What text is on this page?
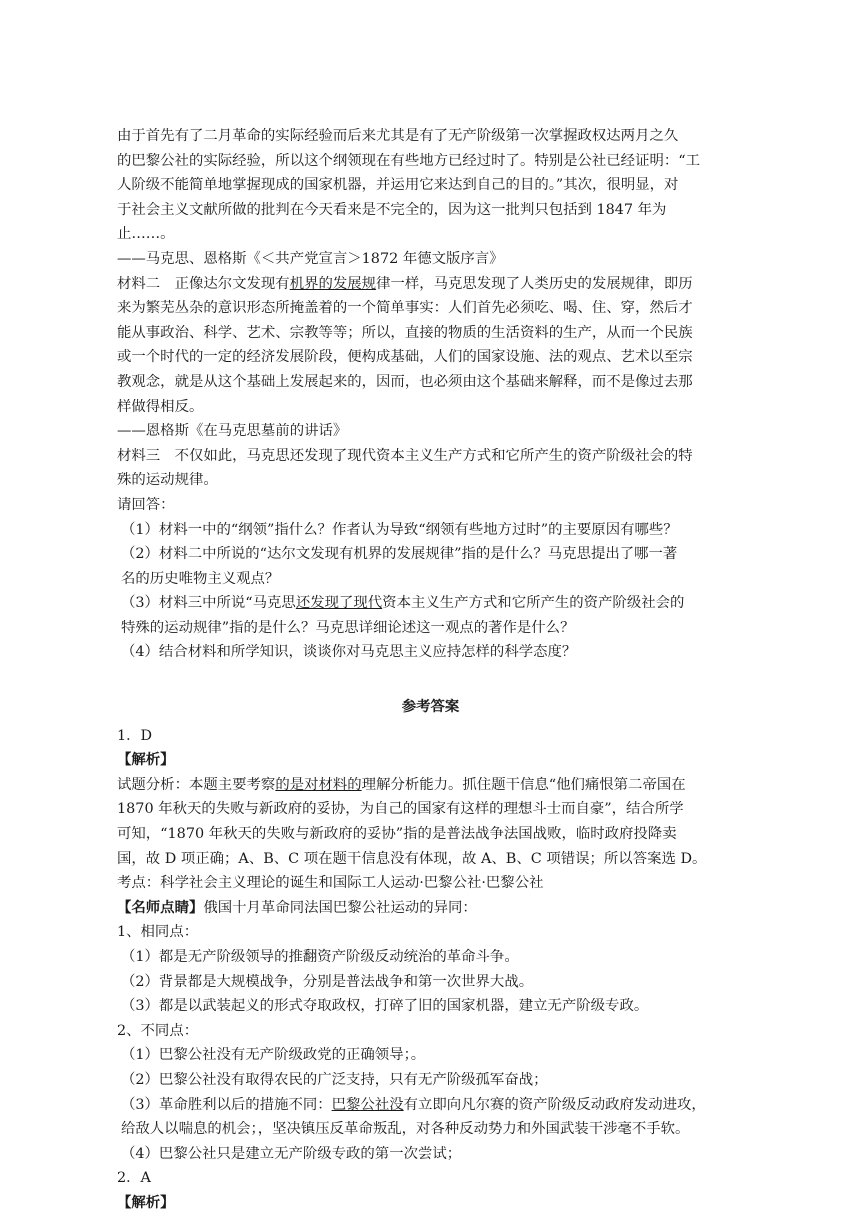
由于首先有了二月革命的实际经验而后来尤其是有了无产阶级第一次掌握政权达两月之久
的巴黎公社的实际经验，所以这个纲领现在有些地方已经过时了。特别是公社已经证明：“工
人阶级不能简单地掌握现成的国家机器，并运用它来达到自己的目的。”其次，很明显，对
于社会主义文献所做的批判在今天看来是不完全的，因为这一批判只包括到 1847 年为
止……。
——马克思、恩格斯《＜共产党宣言＞1872 年德文版序言》
材料二　正像达尔文发现有机界的发展规律一样，马克思发现了人类历史的发展规律，即历
来为繁芜丛杂的意识形态所掩盖着的一个简单事实：人们首先必须吃、喝、住、穿，然后才
能从事政治、科学、艺术、宗教等等；所以，直接的物质的生活资料的生产，从而一个民族
或一个时代的一定的经济发展阶段，便构成基础，人们的国家设施、法的观点、艺术以至宗
教观念，就是从这个基础上发展起来的，因而，也必须由这个基础来解释，而不是像过去那
样做得相反。
——恩格斯《在马克思墓前的讲话》
材料三　不仅如此，马克思还发现了现代资本主义生产方式和它所产生的资产阶级社会的特
殊的运动规律。
请回答：
（1）材料一中的“纲领”指什么？作者认为导致“纲领有些地方过时”的主要原因有哪些？
（2）材料二中所说的“达尔文发现有机界的发展规律”指的是什么？马克思提出了哪一著
名的历史唯物主义观点？
（3）材料三中所说“马克思还发现了现代资本主义生产方式和它所产生的资产阶级社会的
特殊的运动规律”指的是什么？马克思详细论述这一观点的著作是什么？
（4）结合材料和所学知识，谈谈你对马克思主义应持怎样的科学态度？
参考答案
1．D
【解析】
试题分析：本题主要考察的是对材料的理解分析能力。抓住题干信息“他们痛恨第二帝国在
1870 年秋天的失败与新政府的妥协，为自己的国家有这样的理想斗士而自豪”，结合所学
可知，“1870 年秋天的失败与新政府的妥协”指的是普法战争法国战败，临时政府投降卖
国，故 D 项正确；A、B、C 项在题干信息没有体现，故 A、B、C 项错误；所以答案选 D。
考点：科学社会主义理论的诞生和国际工人运动·巴黎公社·巴黎公社
【名师点睛】俄国十月革命同法国巴黎公社运动的异同：
1、相同点：
（1）都是无产阶级领导的推翻资产阶级反动统治的革命斗争。
（2）背景都是大规模战争，分别是普法战争和第一次世界大战。
（3）都是以武装起义的形式夺取政权，打碎了旧的国家机器，建立无产阶级专政。
2、不同点：
（1）巴黎公社没有无产阶级政党的正确领导；。
（2）巴黎公社没有取得农民的广泛支持，只有无产阶级孤军奋战；
（3）革命胜利以后的措施不同：巴黎公社没有立即向凡尔赛的资产阶级反动政府发动进攻，
给敌人以喘息的机会；，坚决镇压反革命叛乱，对各种反动势力和外国武装干涉毫不手软。
（4）巴黎公社只是建立无产阶级专政的第一次尝试；
2．A
【解析】
